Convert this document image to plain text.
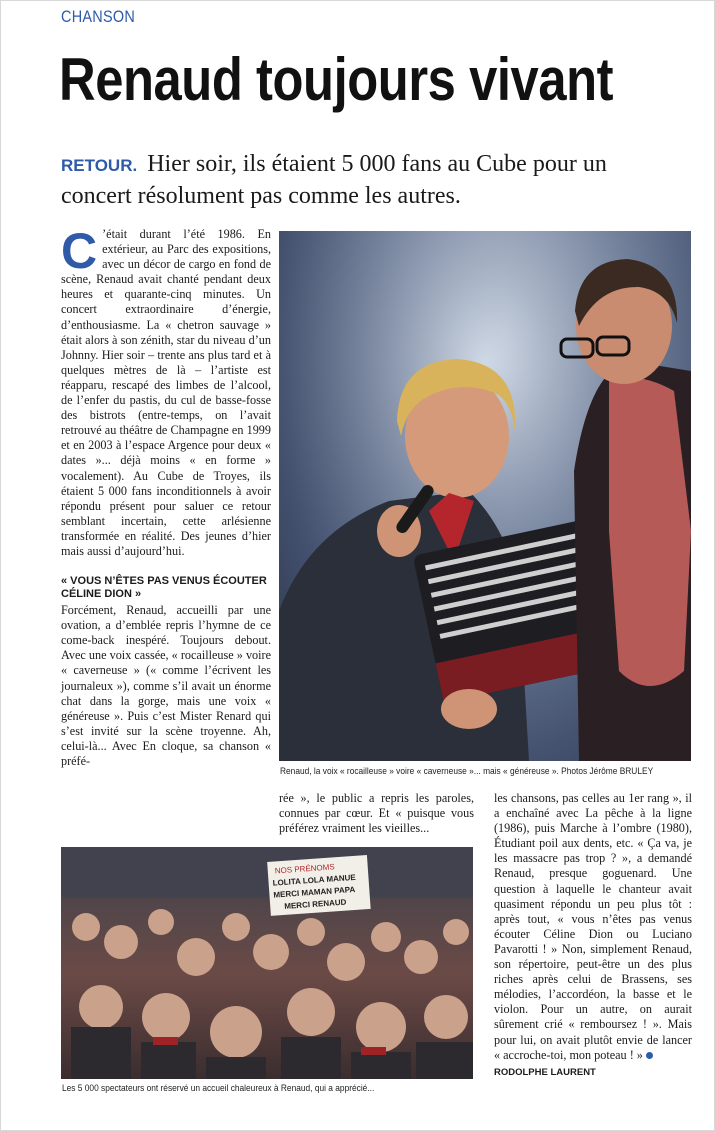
CHANSON
Renaud toujours vivant

RETOUR. Hier soir, ils étaient 5 000 fans au Cube pour un concert résolument pas comme les autres.

C ’était durant l’été 1986. En extérieur, au Parc des expositions, avec un décor de cargo en fond de scène, Renaud avait chanté pendant deux heures et quarante-cinq minutes. Un concert extraordinaire d’énergie, d’enthousiasme. La « chetron sauvage » était alors à son zénith, star du niveau d’un Johnny. Hier soir – trente ans plus tard et à quelques mètres de là – l’artiste est réapparu, rescapé des limbes de l’alcool, de l’enfer du pastis, du cul de basse-fosse des bistrots (entre-temps, on l’avait retrouvé au théâtre de Champagne en 1999 et en 2003 à l’espace Argence pour deux « dates »... déjà moins « en forme » vocalement). Au Cube de Troyes, ils étaient 5 000 fans inconditionnels à avoir répondu présent pour saluer ce retour semblant incertain, cette arlésienne transformée en réalité. Des jeunes d’hier mais aussi d’aujourd’hui.

« VOUS N’ÊTES PAS VENUS ÉCOUTER CÉLINE DION »

Forcément, Renaud, accueilli par une ovation, a d’emblée repris l’hymne de ce come-back inespéré. Toujours debout. Avec une voix cassée, « rocailleuse » voire « caverneuse » (« comme l’écrivent les journaleux »), comme s’il avait un énorme chat dans la gorge, mais une voix « généreuse ». Puis c’est Mister Renard qui s’est invité sur la scène troyenne. Ah, celui-là... Avec En cloque, sa chanson « préfé-

Renaud, la voix « rocailleuse » voire « caverneuse »... mais « généreuse ». Photos Jérôme BRULEY

rée », le public a repris les paroles, connues par cœur. Et « puisque vous préférez vraiment les vieilles...

NOS PRÉNOMS
LOLITA LOLA MANUE
MERCI MAMAN PAPA
MERCI RENAUD
Les 5 000 spectateurs ont réservé un accueil chaleureux à Renaud, qui a apprécié...

les chansons, pas celles au 1er rang », il a enchaîné avec La pêche à la ligne (1986), puis Marche à l’ombre (1980), Étudiant poil aux dents, etc. « Ça va, je les massacre pas trop ? », a demandé Renaud, presque goguenard. Une question à laquelle le chanteur avait quasiment répondu un peu plus tôt : après tout, « vous n’êtes pas venus écouter Céline Dion ou Luciano Pavarotti ! » Non, simplement Renaud, son répertoire, peut-être un des plus riches après celui de Brassens, ses mélodies, l’accordéon, la basse et le violon. Pour un autre, on aurait sûrement crié « remboursez ! ». Mais pour lui, on avait plutôt envie de lancer « accroche-toi, mon poteau ! »

RODOLPHE LAURENT
